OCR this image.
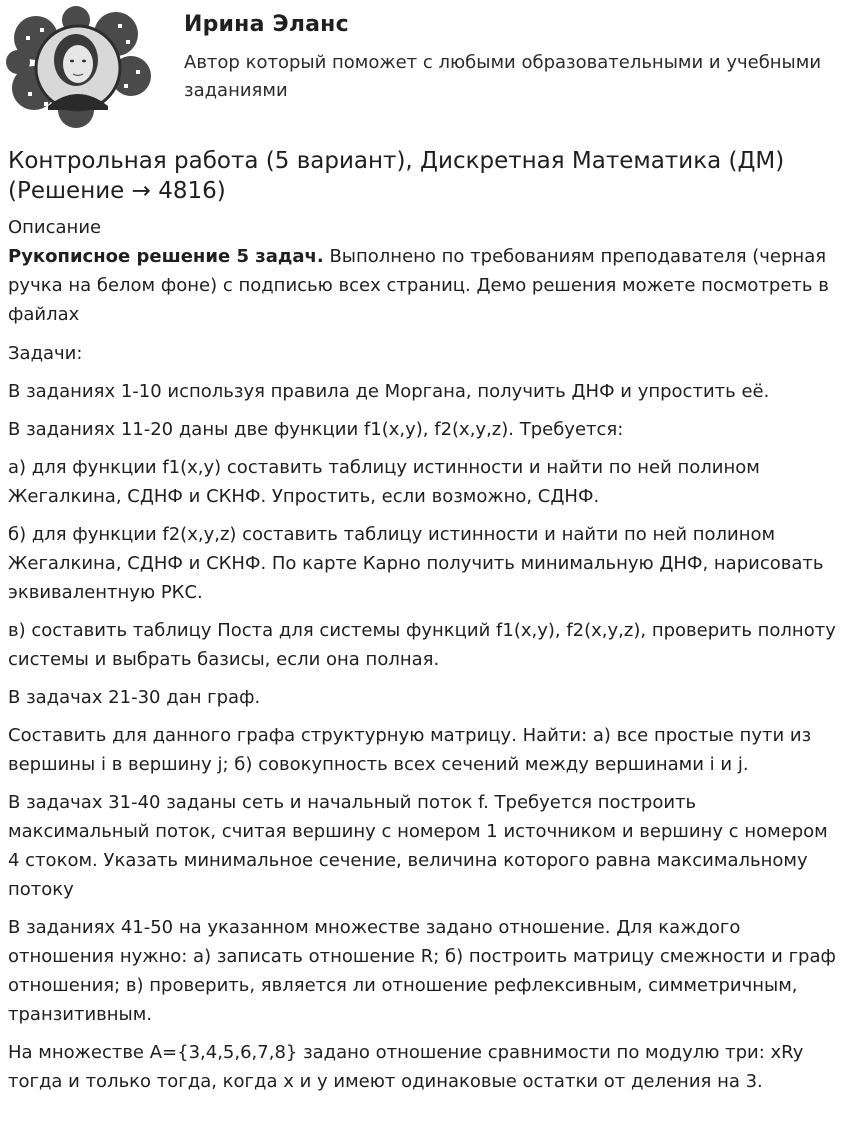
Ирина Эланс
Автор который поможет с любыми образовательными и учебными заданиями
Контрольная работа (5 вариант), Дискретная Математика (ДМ) (Решение → 4816)
Описание

Рукописное решение 5 задач. Выполнено по требованиям преподавателя (черная ручка на белом фоне) с подписью всех страниц. Демо решения можете посмотреть в файлах

Задачи:

В заданиях 1-10 используя правила де Моргана, получить ДНФ и упростить её.

В заданиях 11-20 даны две функции f1(x,y), f2(x,y,z). Требуется:

а) для функции f1(x,y) составить таблицу истинности и найти по ней полином Жегалкина, СДНФ и СКНФ. Упростить, если возможно, СДНФ.

б) для функции f2(x,y,z) составить таблицу истинности и найти по ней полином Жегалкина, СДНФ и СКНФ. По карте Карно получить минимальную ДНФ, нарисовать эквивалентную РКС.

в) составить таблицу Поста для системы функций f1(x,y), f2(x,y,z), проверить полноту системы и выбрать базисы, если она полная.

В задачах 21-30 дан граф.

Составить для данного графа структурную матрицу. Найти: а) все простые пути из вершины i в вершину j; б) совокупность всех сечений между вершинами i и j.

В задачах 31-40 заданы сеть и начальный поток f. Требуется построить максимальный поток, считая вершину с номером 1 источником и вершину с номером 4 стоком. Указать минимальное сечение, величина которого равна максимальному потоку

В заданиях 41-50 на указанном множестве задано отношение. Для каждого отношения нужно: а) записать отношение R; б) построить матрицу смежности и граф отношения; в) проверить, является ли отношение рефлексивным, симметричным, транзитивным.

На множестве A={3,4,5,6,7,8} задано отношение сравнимости по модулю три: xRy тогда и только тогда, когда x и y имеют одинаковые остатки от деления на 3.
